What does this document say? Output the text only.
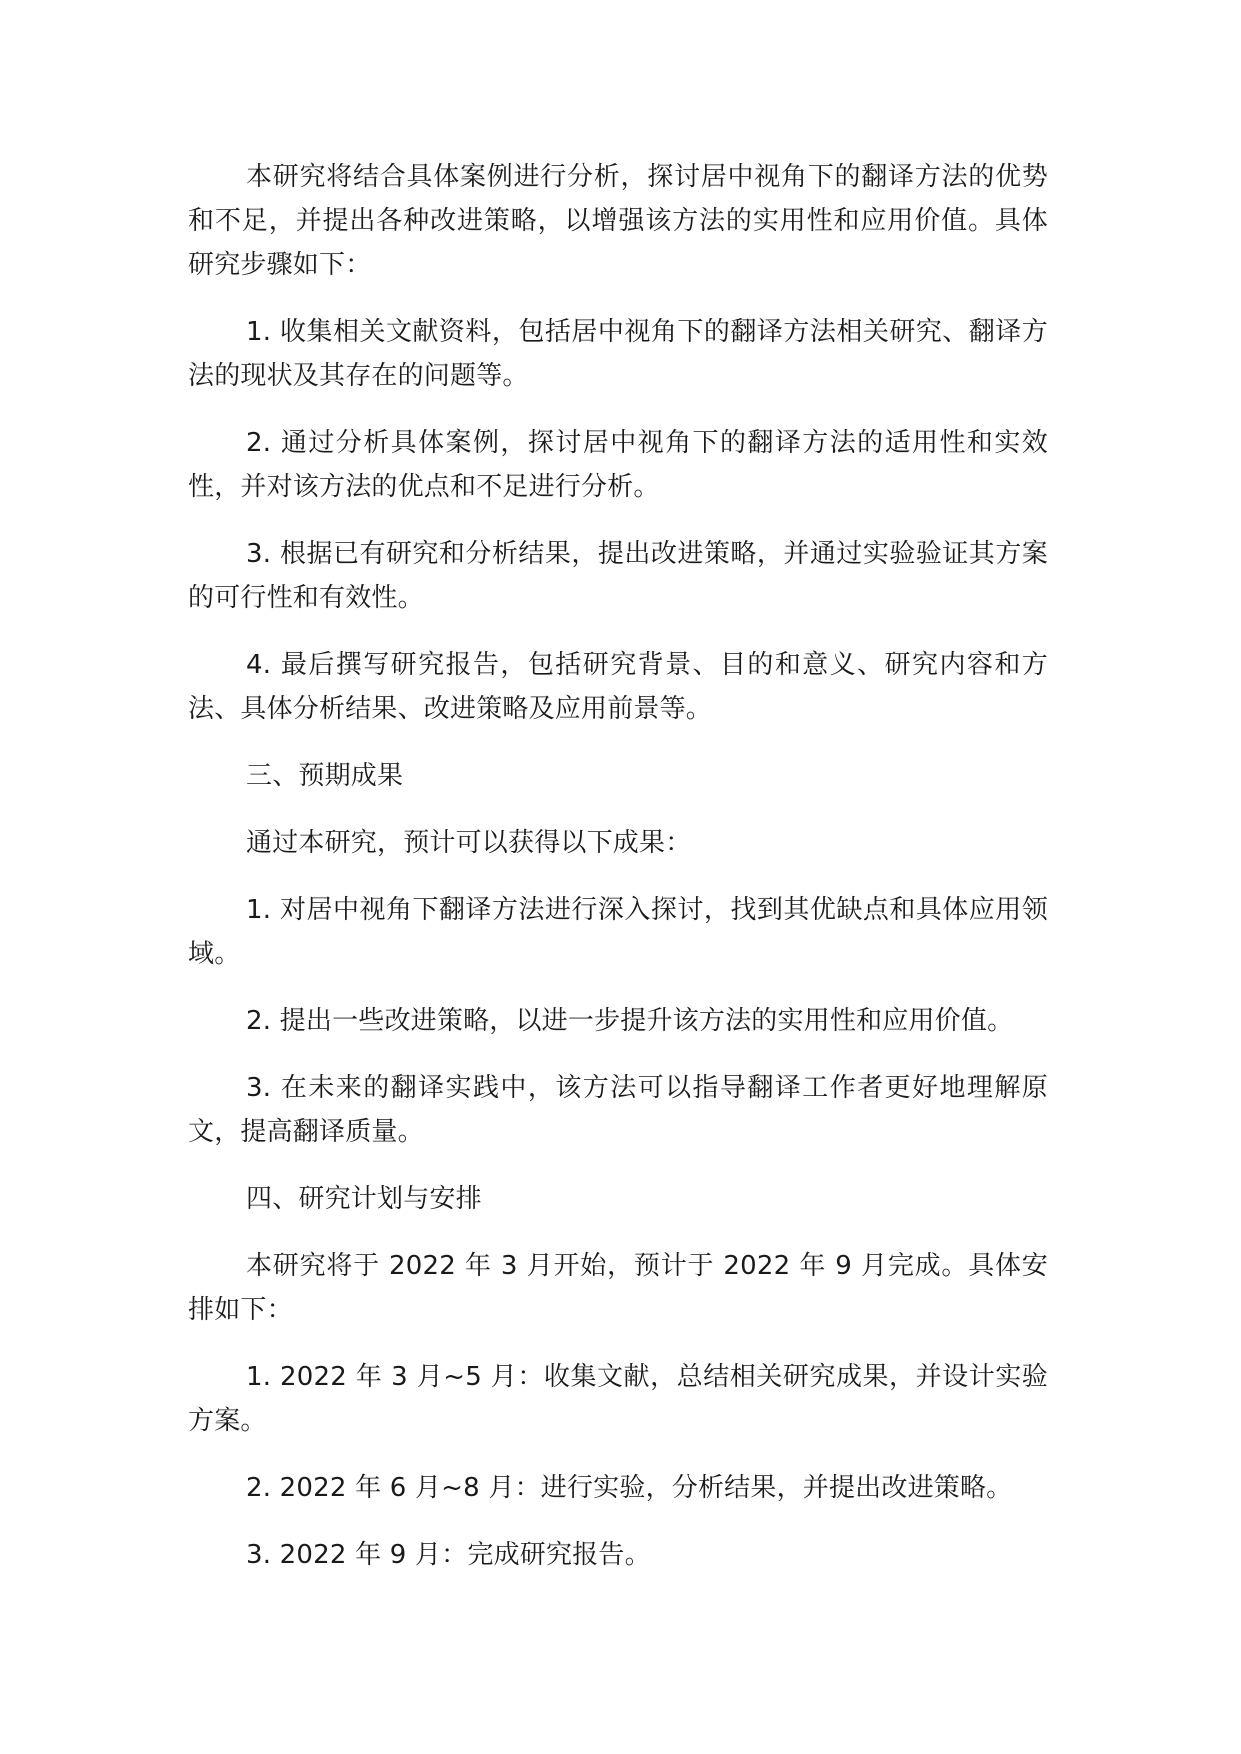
本研究将结合具体案例进行分析，探讨居中视角下的翻译方法的优势和不足，并提出各种改进策略，以增强该方法的实用性和应用价值。具体研究步骤如下：

1. 收集相关文献资料，包括居中视角下的翻译方法相关研究、翻译方法的现状及其存在的问题等。

2. 通过分析具体案例，探讨居中视角下的翻译方法的适用性和实效性，并对该方法的优点和不足进行分析。

3. 根据已有研究和分析结果，提出改进策略，并通过实验验证其方案的可行性和有效性。

4. 最后撰写研究报告，包括研究背景、目的和意义、研究内容和方法、具体分析结果、改进策略及应用前景等。

三、预期成果

通过本研究，预计可以获得以下成果：

1. 对居中视角下翻译方法进行深入探讨，找到其优缺点和具体应用领域。

2. 提出一些改进策略，以进一步提升该方法的实用性和应用价值。

3. 在未来的翻译实践中，该方法可以指导翻译工作者更好地理解原文，提高翻译质量。

四、研究计划与安排

本研究将于 2022 年 3 月开始，预计于 2022 年 9 月完成。具体安排如下：

1. 2022 年 3 月~5 月：收集文献，总结相关研究成果，并设计实验方案。

2. 2022 年 6 月~8 月：进行实验，分析结果，并提出改进策略。

3. 2022 年 9 月：完成研究报告。
